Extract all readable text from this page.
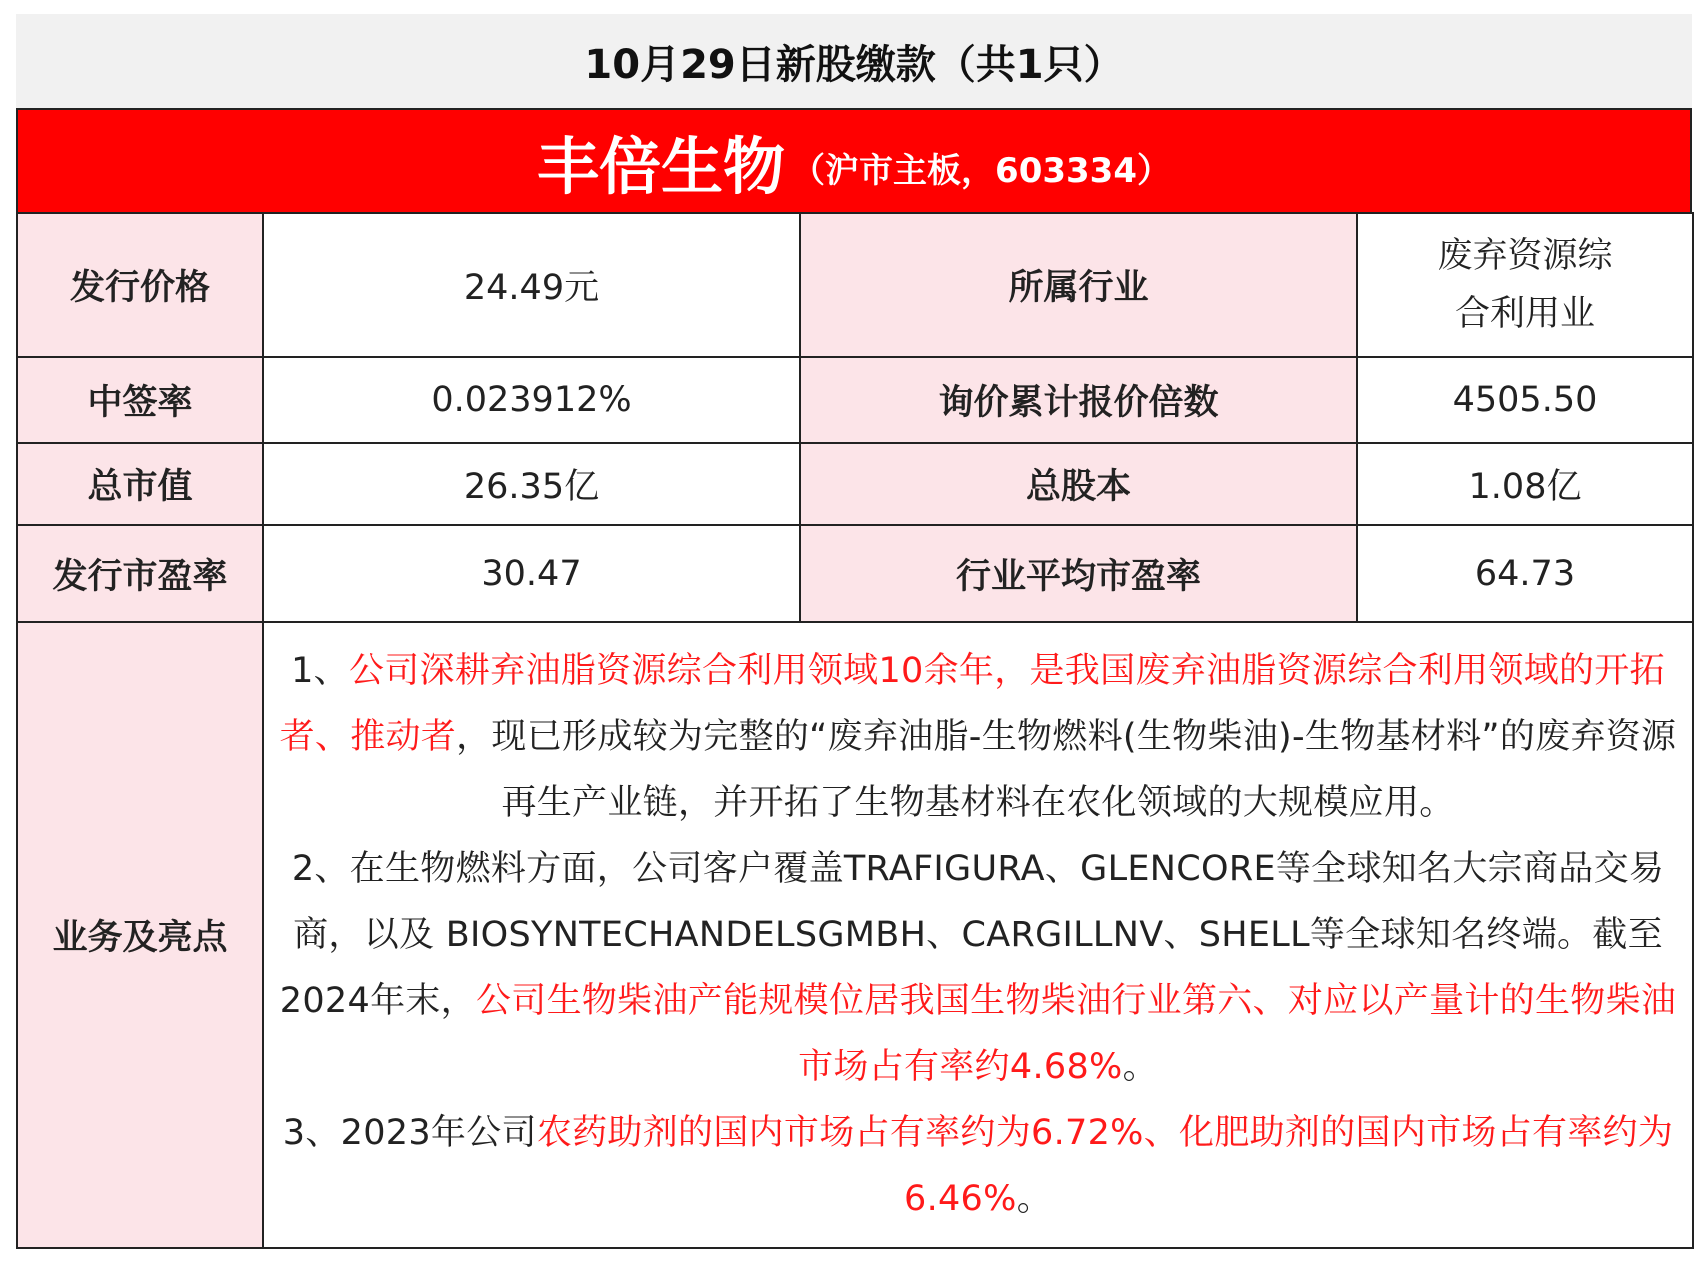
10月29日新股缴款（共1只）
丰倍生物 （沪市主板，603334）
发行价格	24.49元	所属行业	废弃资源综
合利用业

中签率	0.023912%	询价累计报价倍数	4505.50
总市值	26.35亿	总股本	1.08亿
发行市盈率	30.47	行业平均市盈率	64.73
业务及亮点	1、公司深耕弃油脂资源综合利用领域10余年，是我国废弃油脂资源综合利用领域的开拓者、推动者，现已形成较为完整的“废弃油脂-生物燃料(生物柴油)-生物基材料”的废弃资源再生产业链，并开拓了生物基材料在农化领域的大规模应用。

2、在生物燃料方面，公司客户覆盖TRAFIGURA、GLENCORE等全球知名大宗商品交易商，以及 BIOSYNTECHANDELSGMBH、CARGILLNV、SHELL等全球知名终端。截至2024年末，公司生物柴油产能规模位居我国生物柴油行业第六、对应以产量计的生物柴油市场占有率约4.68%。

3、2023年公司农药助剂的国内市场占有率约为6.72%、化肥助剂的国内市场占有率约为6.46%。		
